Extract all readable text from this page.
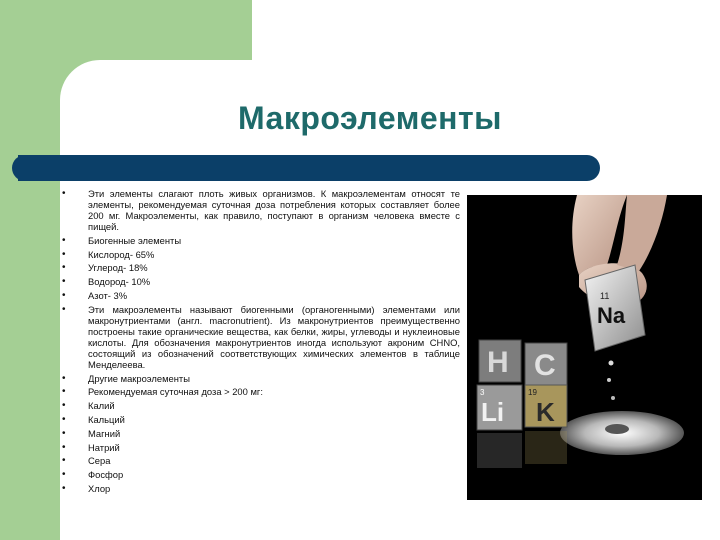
Макроэлементы
• Эти элементы слагают плоть живых организмов. К макроэлементам относят те элементы, рекомендуемая суточная доза потребления которых составляет более 200 мг. Макроэлементы, как правило, поступают в организм человека вместе с пищей.
• Биогенные элементы
• Кислород- 65%
• Углерод- 18%
• Водород- 10%
• Азот- 3%
• Эти макроэлементы называют биогенными (органогенными) элементами или макронутриентами (англ. macronutrient). Из макронутриентов преимущественно построены такие органические вещества, как белки, жиры, углеводы и нуклеиновые кислоты. Для обозначения макронутриентов иногда используют акроним CHNO, состоящий из обозначений соответствующих химических элементов в таблице Менделеева.
• Другие макроэлементы
• Рекомендуемая суточная доза > 200 мг:
• Калий
• Кальций
• Магний
• Натрий
• Сера
• Фосфор
• Хлор
11
Na
H C
3
Li
19
K
